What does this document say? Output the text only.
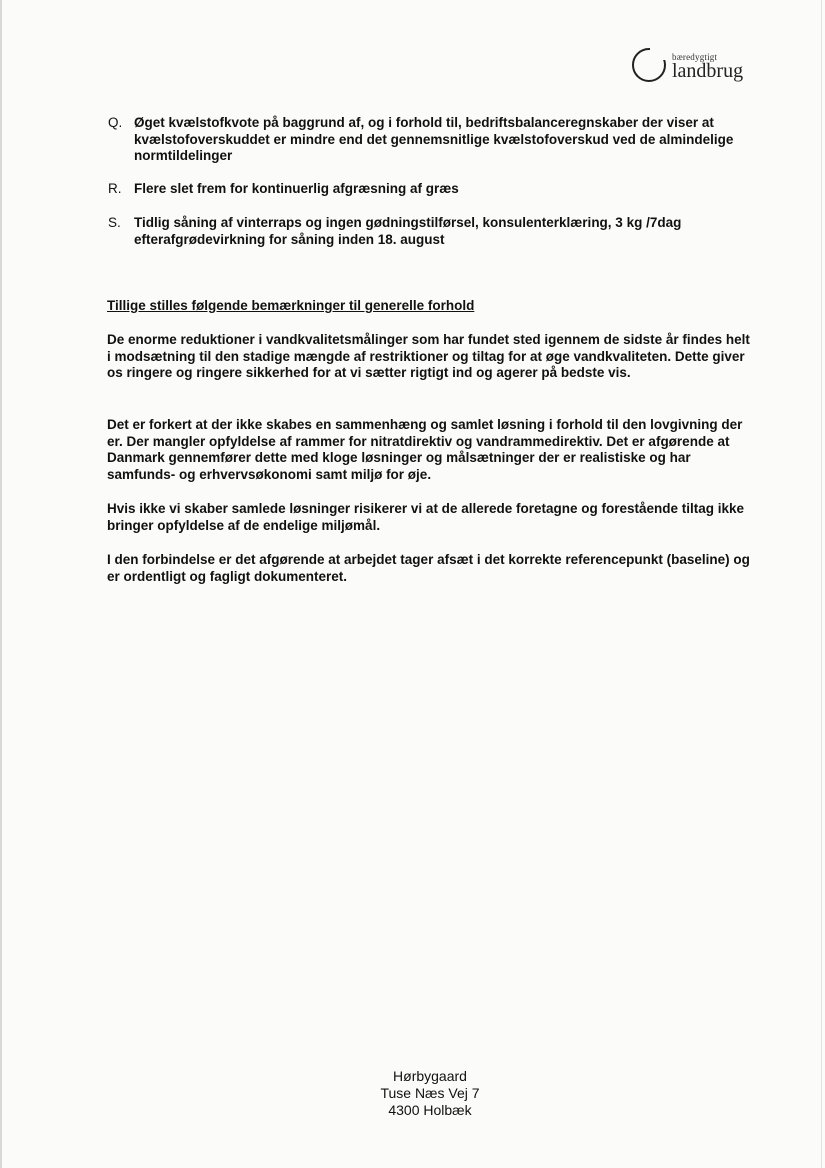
bæredygtigt
landbrug
Q. Øget kvælstofkvote på baggrund af, og i forhold til, bedriftsbalanceregnskaber der viser at kvælstofoverskuddet er mindre end det gennemsnitlige kvælstofoverskud ved de almindelige normtildelinger
R. Flere slet frem for kontinuerlig afgræsning af græs
S. Tidlig såning af vinterraps og ingen gødningstilførsel, konsulenterklæring, 3 kg /7dag efterafgrødevirkning for såning inden 18. august
Tillige stilles følgende bemærkninger til generelle forhold

De enorme reduktioner i vandkvalitetsmålinger som har fundet sted igennem de sidste år findes helt i modsætning til den stadige mængde af restriktioner og tiltag for at øge vandkvaliteten. Dette giver os ringere og ringere sikkerhed for at vi sætter rigtigt ind og agerer på bedste vis.

Det er forkert at der ikke skabes en sammenhæng og samlet løsning i forhold til den lovgivning der er. Der mangler opfyldelse af rammer for nitratdirektiv og vandrammedirektiv. Det er afgørende at Danmark gennemfører dette med kloge løsninger og målsætninger der er realistiske og har samfunds- og erhvervsøkonomi samt miljø for øje.

Hvis ikke vi skaber samlede løsninger risikerer vi at de allerede foretagne og forestående tiltag ikke bringer opfyldelse af de endelige miljømål.

I den forbindelse er det afgørende at arbejdet tager afsæt i det korrekte referencepunkt (baseline) og er ordentligt og fagligt dokumenteret.

Hørbygaard
Tuse Næs Vej 7
4300 Holbæk
